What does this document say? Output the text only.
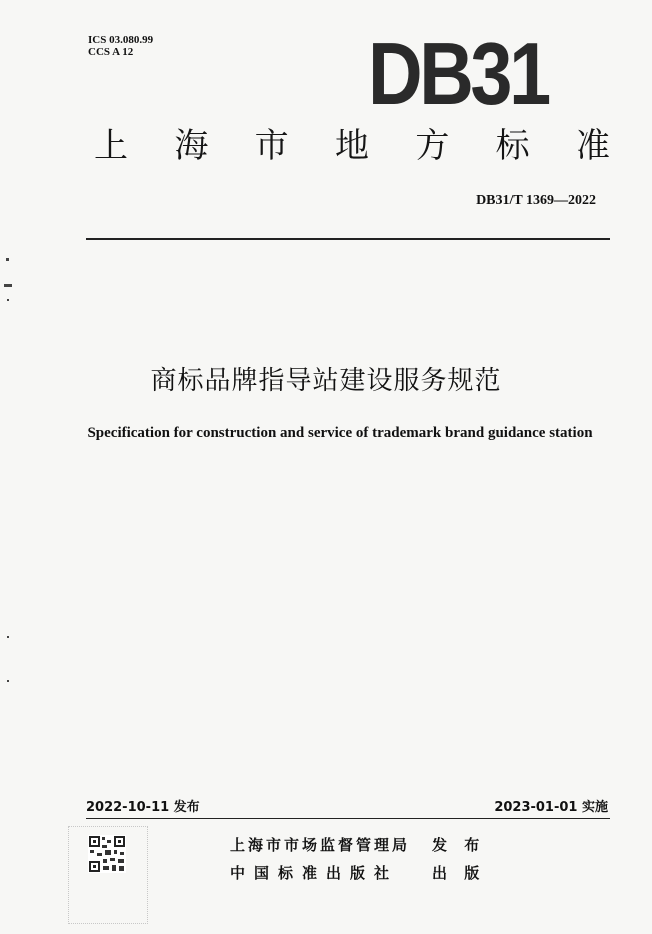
ICS 03.080.99
CCS A 12	DB31
上 海 市 地 方 标 准
DB31/T 1369—2022
商标品牌指导站建设服务规范
Specification for construction and service of trademark brand guidance station
2022-10-11 发布	2023-01-01 实施
上海市市场监督管理局 发 布
中国标准出版社 出 版
